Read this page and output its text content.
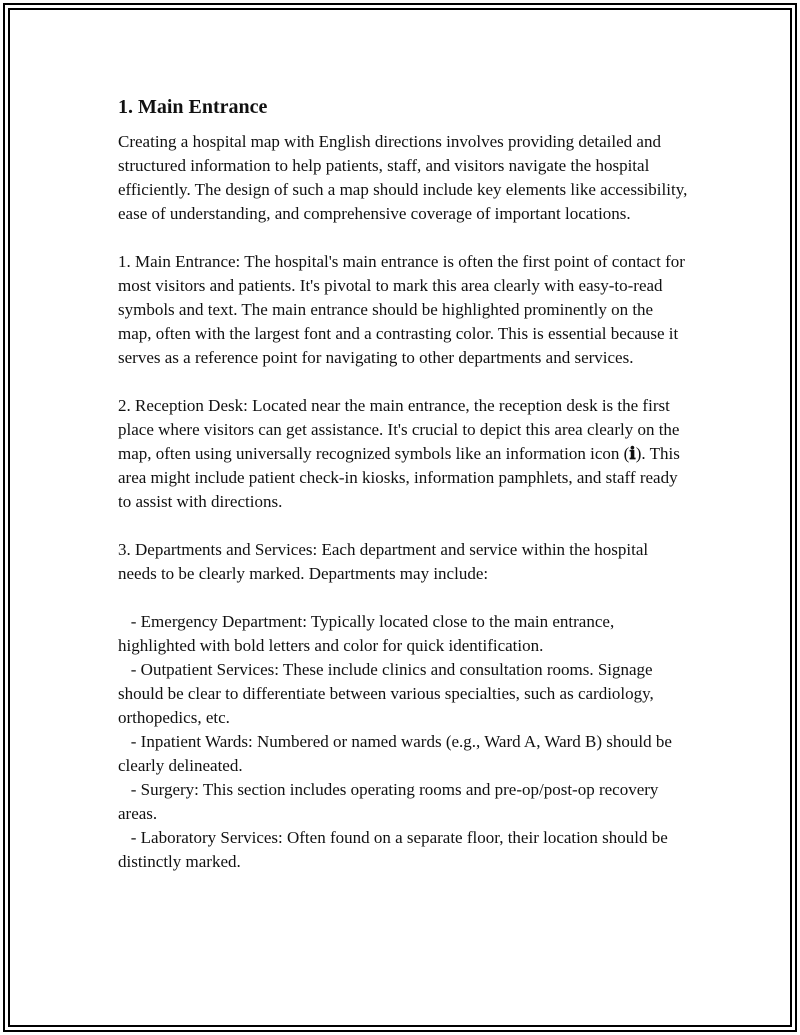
1. Main Entrance

Creating a hospital map with English directions involves providing detailed and structured information to help patients, staff, and visitors navigate the hospital efficiently. The design of such a map should include key elements like accessibility, ease of understanding, and comprehensive coverage of important locations.

1. Main Entrance: The hospital's main entrance is often the first point of contact for most visitors and patients. It's pivotal to mark this area clearly with easy-to-read symbols and text. The main entrance should be highlighted prominently on the map, often with the largest font and a contrasting color. This is essential because it serves as a reference point for navigating to other departments and services.

2. Reception Desk: Located near the main entrance, the reception desk is the first place where visitors can get assistance. It's crucial to depict this area clearly on the map, often using universally recognized symbols like an information icon (ℹ). This area might include patient check-in kiosks, information pamphlets, and staff ready to assist with directions.

3. Departments and Services: Each department and service within the hospital needs to be clearly marked. Departments may include:

- Emergency Department: Typically located close to the main entrance, highlighted with bold letters and color for quick identification.

- Outpatient Services: These include clinics and consultation rooms. Signage should be clear to differentiate between various specialties, such as cardiology, orthopedics, etc.

- Inpatient Wards: Numbered or named wards (e.g., Ward A, Ward B) should be clearly delineated.

- Surgery: This section includes operating rooms and pre-op/post-op recovery areas.

- Laboratory Services: Often found on a separate floor, their location should be distinctly marked.
